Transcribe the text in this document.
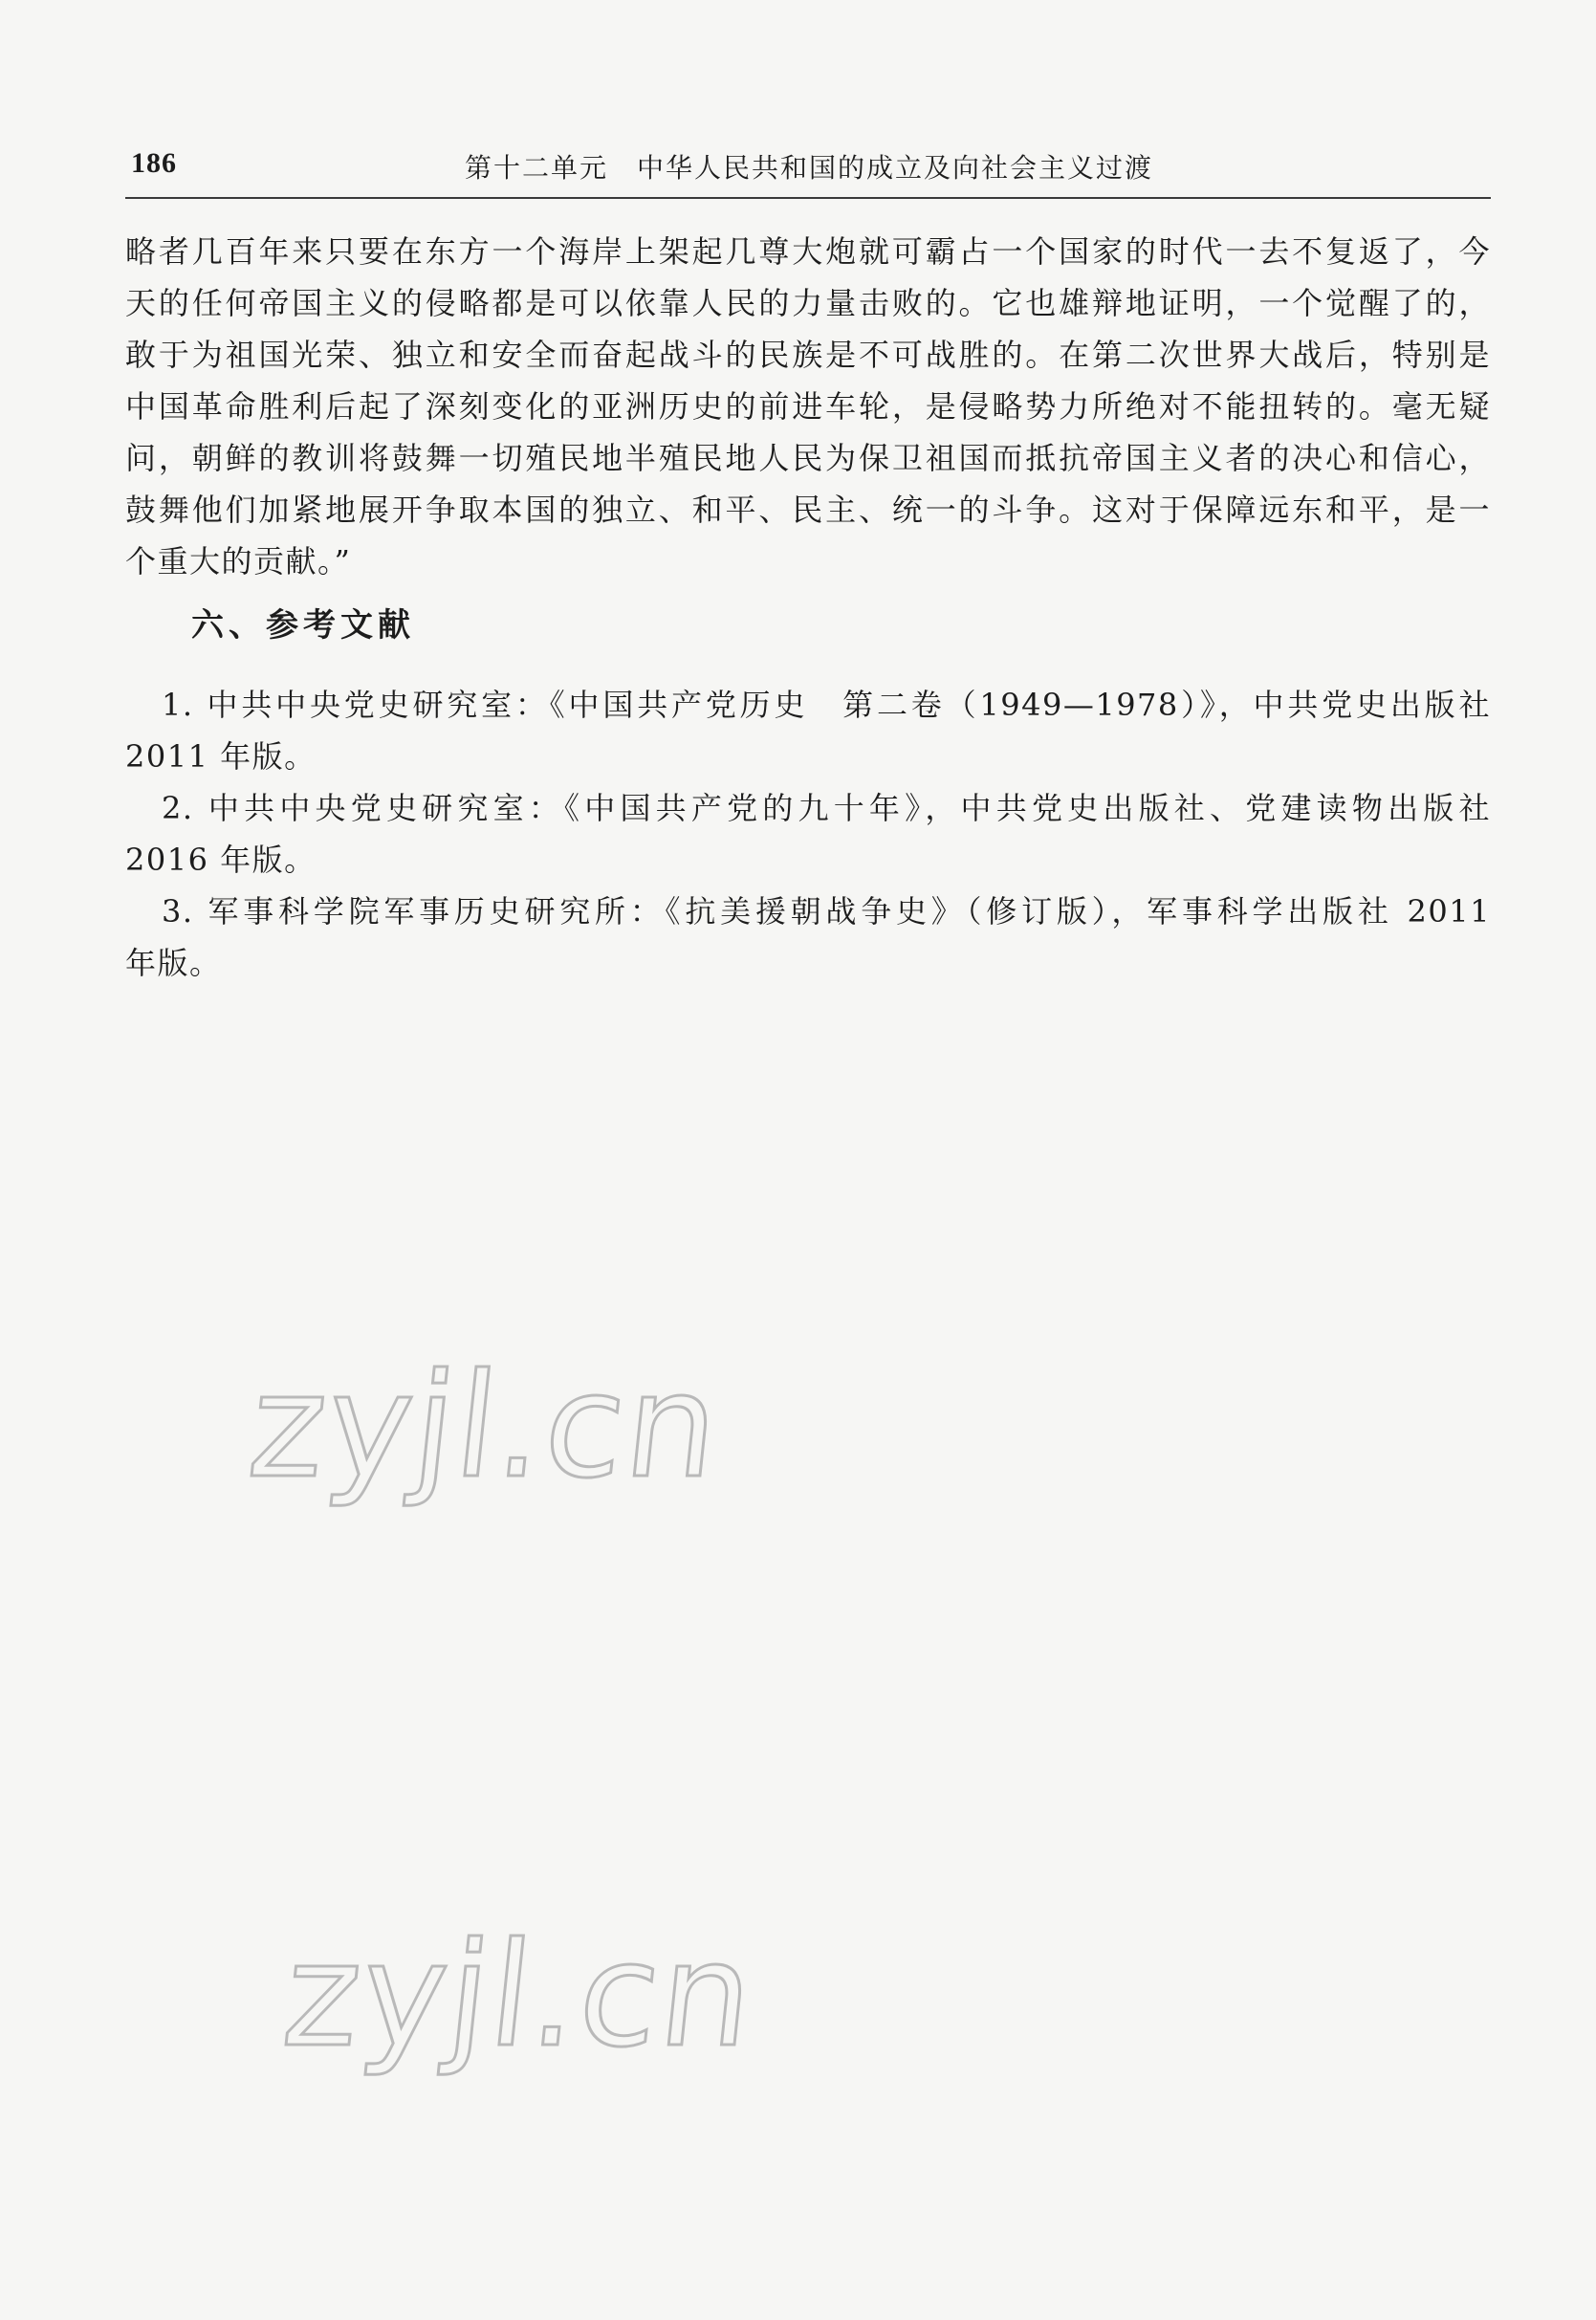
186	第十二单元　中华人民共和国的成立及向社会主义过渡
略者几百年来只要在东方一个海岸上架起几尊大炮就可霸占一个国家的时代一去不复返了，今
天的任何帝国主义的侵略都是可以依靠人民的力量击败的。它也雄辩地证明，一个觉醒了的，
敢于为祖国光荣、独立和安全而奋起战斗的民族是不可战胜的。在第二次世界大战后，特别是
中国革命胜利后起了深刻变化的亚洲历史的前进车轮，是侵略势力所绝对不能扭转的。毫无疑
问，朝鲜的教训将鼓舞一切殖民地半殖民地人民为保卫祖国而抵抗帝国主义者的决心和信心，
鼓舞他们加紧地展开争取本国的独立、和平、民主、统一的斗争。这对于保障远东和平，是一
个重大的贡献。”
六、参考文献
1. 中共中央党史研究室：《中国共产党历史　第二卷（1949—1978）》，中共党史出版社
2011 年版。
2. 中共中央党史研究室：《中国共产党的九十年》，中共党史出版社、党建读物出版社
2016 年版。
3. 军事科学院军事历史研究所：《抗美援朝战争史》（修订版），军事科学出版社 2011
年版。
zyjl.cn
zyjl.cn
